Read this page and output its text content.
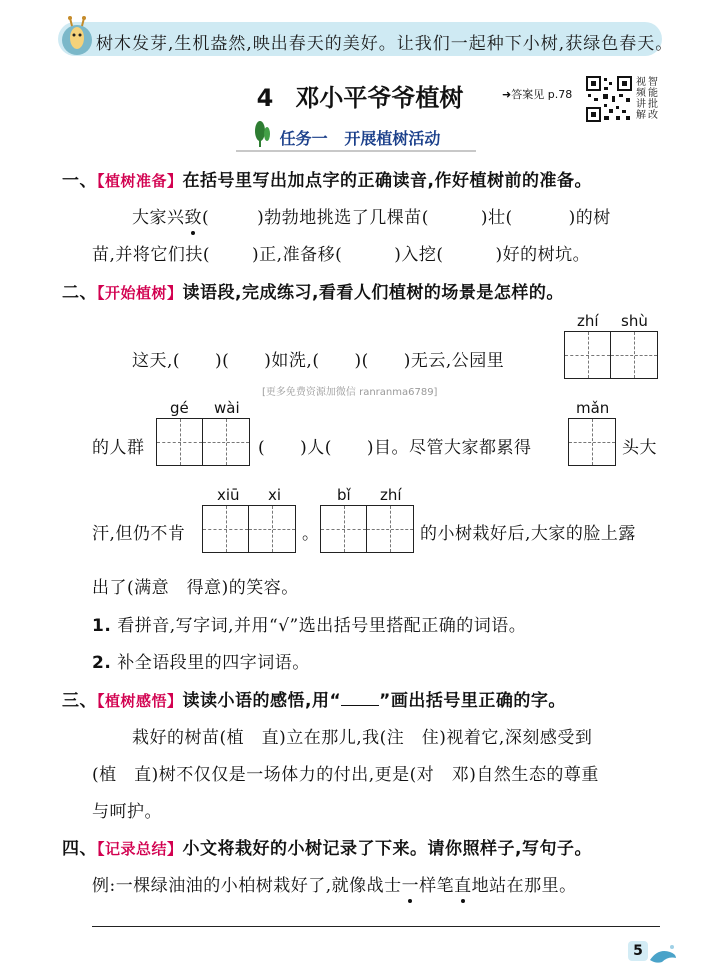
树木发芽,生机盎然,映出春天的美好。让我们一起种下小树,获绿色春天。
4 邓小平爷爷植树	➜答案见 p.78
视
频
讲
解
智
能
批
改
任务一 开展植树活动
一、【植树准备】在括号里写出加点字的正确读音,作好植树前的准备。
大家兴致(	)勃勃地挑选了几棵苗(	)壮(	)的树
苗,并将它们扶( )正,准备移(	)入挖(	)好的树坑。
二、【开始植树】读语段,完成练习,看看人们植树的场景是怎样的。
zhí shù
这天,(　　)(　　)如洗,(　　)(　　)无云,公园里
[更多免费资源加微信 ranranma6789]
gé wài	mǎn
的人群	(　　)人(　　)目。尽管大家都累得	头大
xiū xi	bǐ zhí
汗,但仍不肯	。	的小树栽好后,大家的脸上露
出了(满意　得意)的笑容。
1. 看拼音,写字词,并用“√”选出括号里搭配正确的词语。
2. 补全语段里的四字词语。
三、【植树感悟】读读小语的感悟,用“ ”画出括号里正确的字。
栽好的树苗(植　直)立在那儿,我(注　住)视着它,深刻感受到
(植　直)树不仅仅是一场体力的付出,更是(对　邓)自然生态的尊重
与呵护。
四、【记录总结】小文将栽好的小树记录了下来。请你照样子,写句子。
例:一棵绿油油的小柏树栽好了,就像战士一样笔直地站在那里。
5
